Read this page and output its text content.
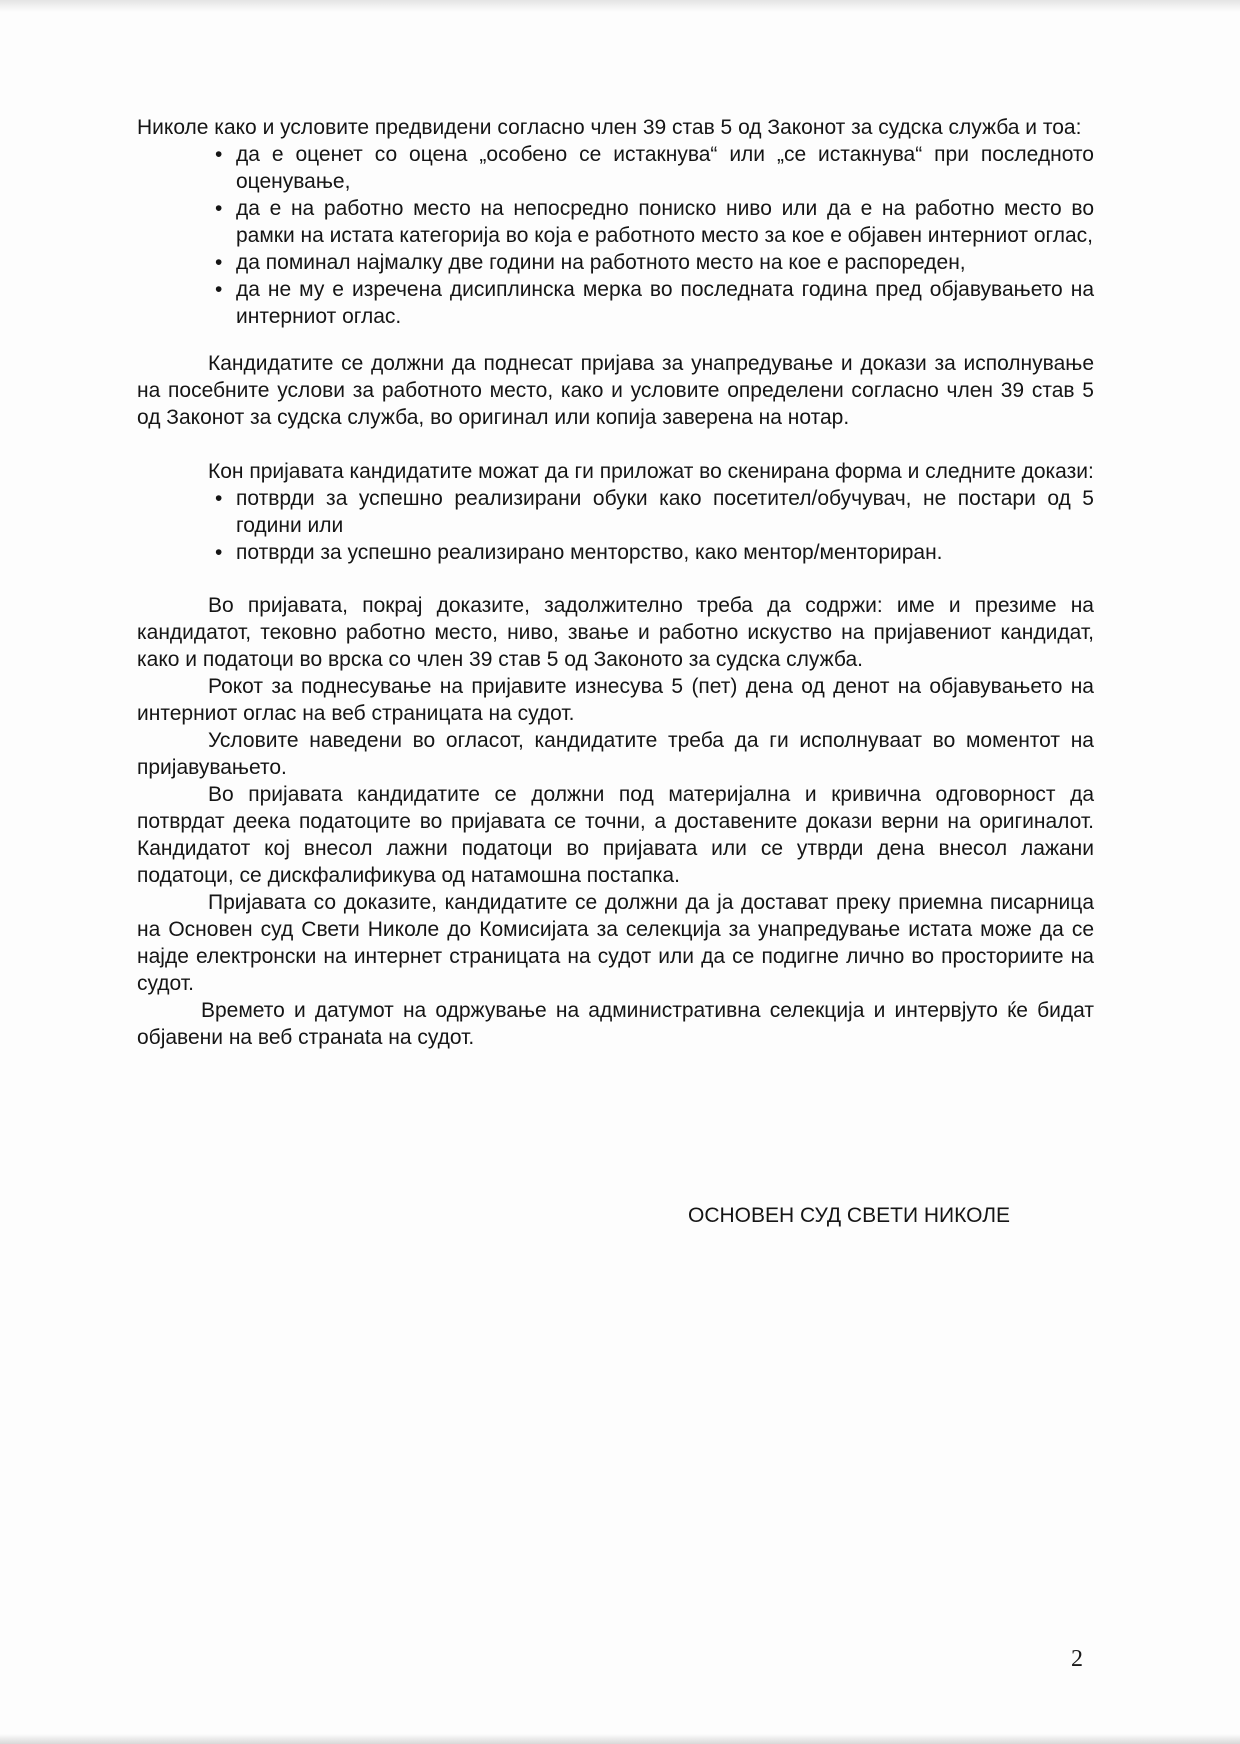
Николе како и условите предвидени согласно член 39 став 5 од Законот за судска служба и тоа:

• да е оценет со оцена „особено се истакнува“ или „се истакнува“ при последното оценување,
• да е на работно место на непосредно пониско ниво или да е на работно место во рамки на истата категорија во која е работното место за кое е објавен интерниот оглас,
• да поминал најмалку две години на работното место на кое е распореден,
• да не му е изречена дисиплинска мерка во последната година пред објавувањето на интерниот оглас.

Кандидатите се должни да поднесат пријава за унапредување и докази за исполнување на посебните услови за работното место, како и условите определени согласно член 39 став 5 од Законот за судска служба, во оригинал или копија заверена на нотар.

Кон пријавата кандидатите можат да ги приложат во скенирана форма и следните докази:

• потврди за успешно реализирани обуки како посетител/обучувач, не постари од 5 години или
• потврди за успешно реализирано менторство, како ментор/менториран.

Во пријавата, покрај доказите, задолжително треба да содржи: име и презиме на кандидатот, тековно работно место, ниво, звање и работно искуство на пријавениот кандидат, како и податоци во врска со член 39 став 5 од Законото за судска служба.

Рокот за поднесување на пријавите изнесува 5 (пет) дена од денот на објавувањето на интерниот оглас на веб страницата на судот.

Условите наведени во огласот, кандидатите треба да ги исполнуваат во моментот на пријавувањето.

Во пријавата кандидатите се должни под материјална и кривична одговорност да потврдат деека податоците во пријавата се точни, а доставените докази верни на оригиналот. Кандидатот кој внесол лажни податоци во пријавата или се утврди дена внесол лажани податоци, се дискфалификува од натамошна постапка.

Пријавата со доказите, кандидатите се должни да ја достават преку приемна писарница на Основен суд Свети Николе до Комисијата за селекција за унапредување истата може да се најде електронски на интернет страницата на судот или да се подигне лично во просториите на судот.

Времето и датумот на одржување на административна селекција и интервјуто ќе бидат објавени на веб странаta на судот.

ОСНОВЕН СУД СВЕТИ НИКОЛЕ
2
